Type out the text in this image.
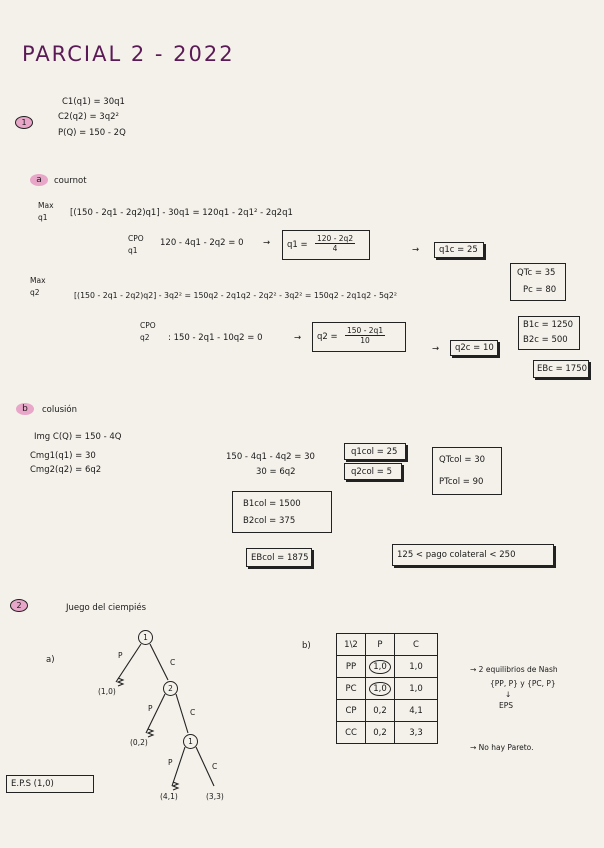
PARCIAL 2 - 2022
1
C1(q1) = 30q1
C2(q2) = 3q2²
P(Q) = 150 - 2Q
a	cournot
Max q1	[(150 - 2q1 - 2q2)q1] - 30q1 = 120q1 - 2q1² - 2q2q1
CPO q1
$120 - 4q1 - 2q2 = 0 \to q1 = \frac{120 - 2q2}{4}$	→ q1c = 25
QTc = 35
Pc = 80
Max q2	[(150 - 2q1 - 2q2)q2] - 3q2² = 150q2 - 2q1q2 - 2q2² - 3q2² = 150q2 - 2q1q2 - 5q2²
CPO q2	: 150 - 2q1 - 10q2 = 0	→ $q2 = \frac{150 - 2q1}{10}$
→ q2c = 10
B1c = 1250
B2c = 500
EBc = 1750
b	colusión
Img C(Q) = 150 - 4Q
Cmg1(q1) = 30
Cmg2(q2) = 6q2
150 - 4q1 - 4q2 = 30
30 = 6q2
q1col = 25
q2col = 5
QTcol = 30
PTcol = 90
B1col = 1500
B2col = 375
EBcol = 1875	125 < pago colateral < 250
2	Juego del ciempiés
a)
b)
1
2
1
P
C
P	C
P	C
(1,0)
(0,2)
(4,1)	(3,3)
E.P.S (1,0)
1\2	P	C
PP	1,0	1,0
PC	1,0	1,0
CP	0,2	4,1
CC	0,2	3,3
→ 2 equilibrios de Nash
{PP, P} y {PC, P}
↓
EPS
→ No hay Pareto.
